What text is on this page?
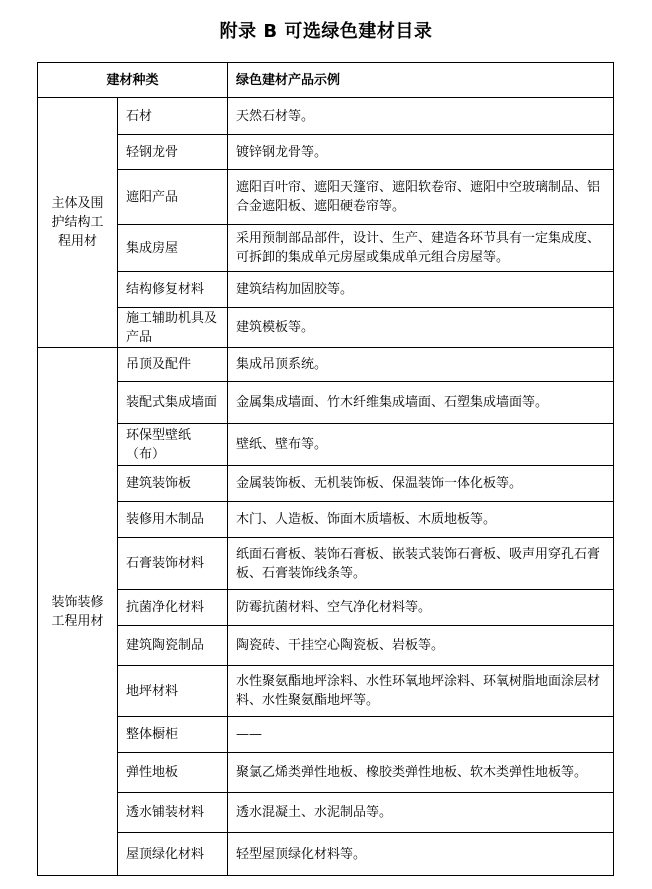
附录 B 可选绿色建材目录
建材种类		绿色建材产品示例
主体及围护结构工程用材	石材	天然石材等。
	轻钢龙骨	镀锌钢龙骨等。
	遮阳产品	遮阳百叶帘、遮阳天篷帘、遮阳软卷帘、遮阳中空玻璃制品、铝合金遮阳板、遮阳硬卷帘等。
	集成房屋	采用预制部品部件，设计、生产、建造各环节具有一定集成度、可拆卸的集成单元房屋或集成单元组合房屋等。
	结构修复材料	建筑结构加固胶等。
	施工辅助机具及产品	建筑模板等。
装饰装修工程用材	吊顶及配件	集成吊顶系统。
	装配式集成墙面	金属集成墙面、竹木纤维集成墙面、石塑集成墙面等。
	环保型壁纸（布）	壁纸、壁布等。
	建筑装饰板	金属装饰板、无机装饰板、保温装饰一体化板等。
	装修用木制品	木门、人造板、饰面木质墙板、木质地板等。
	石膏装饰材料	纸面石膏板、装饰石膏板、嵌装式装饰石膏板、吸声用穿孔石膏板、石膏装饰线条等。
	抗菌净化材料	防霉抗菌材料、空气净化材料等。
	建筑陶瓷制品	陶瓷砖、干挂空心陶瓷板、岩板等。
	地坪材料	水性聚氨酯地坪涂料、水性环氧地坪涂料、环氧树脂地面涂层材料、水性聚氨酯地坪等。
	整体橱柜	——
	弹性地板	聚氯乙烯类弹性地板、橡胶类弹性地板、软木类弹性地板等。
	透水铺装材料	透水混凝土、水泥制品等。
	屋顶绿化材料	轻型屋顶绿化材料等。
